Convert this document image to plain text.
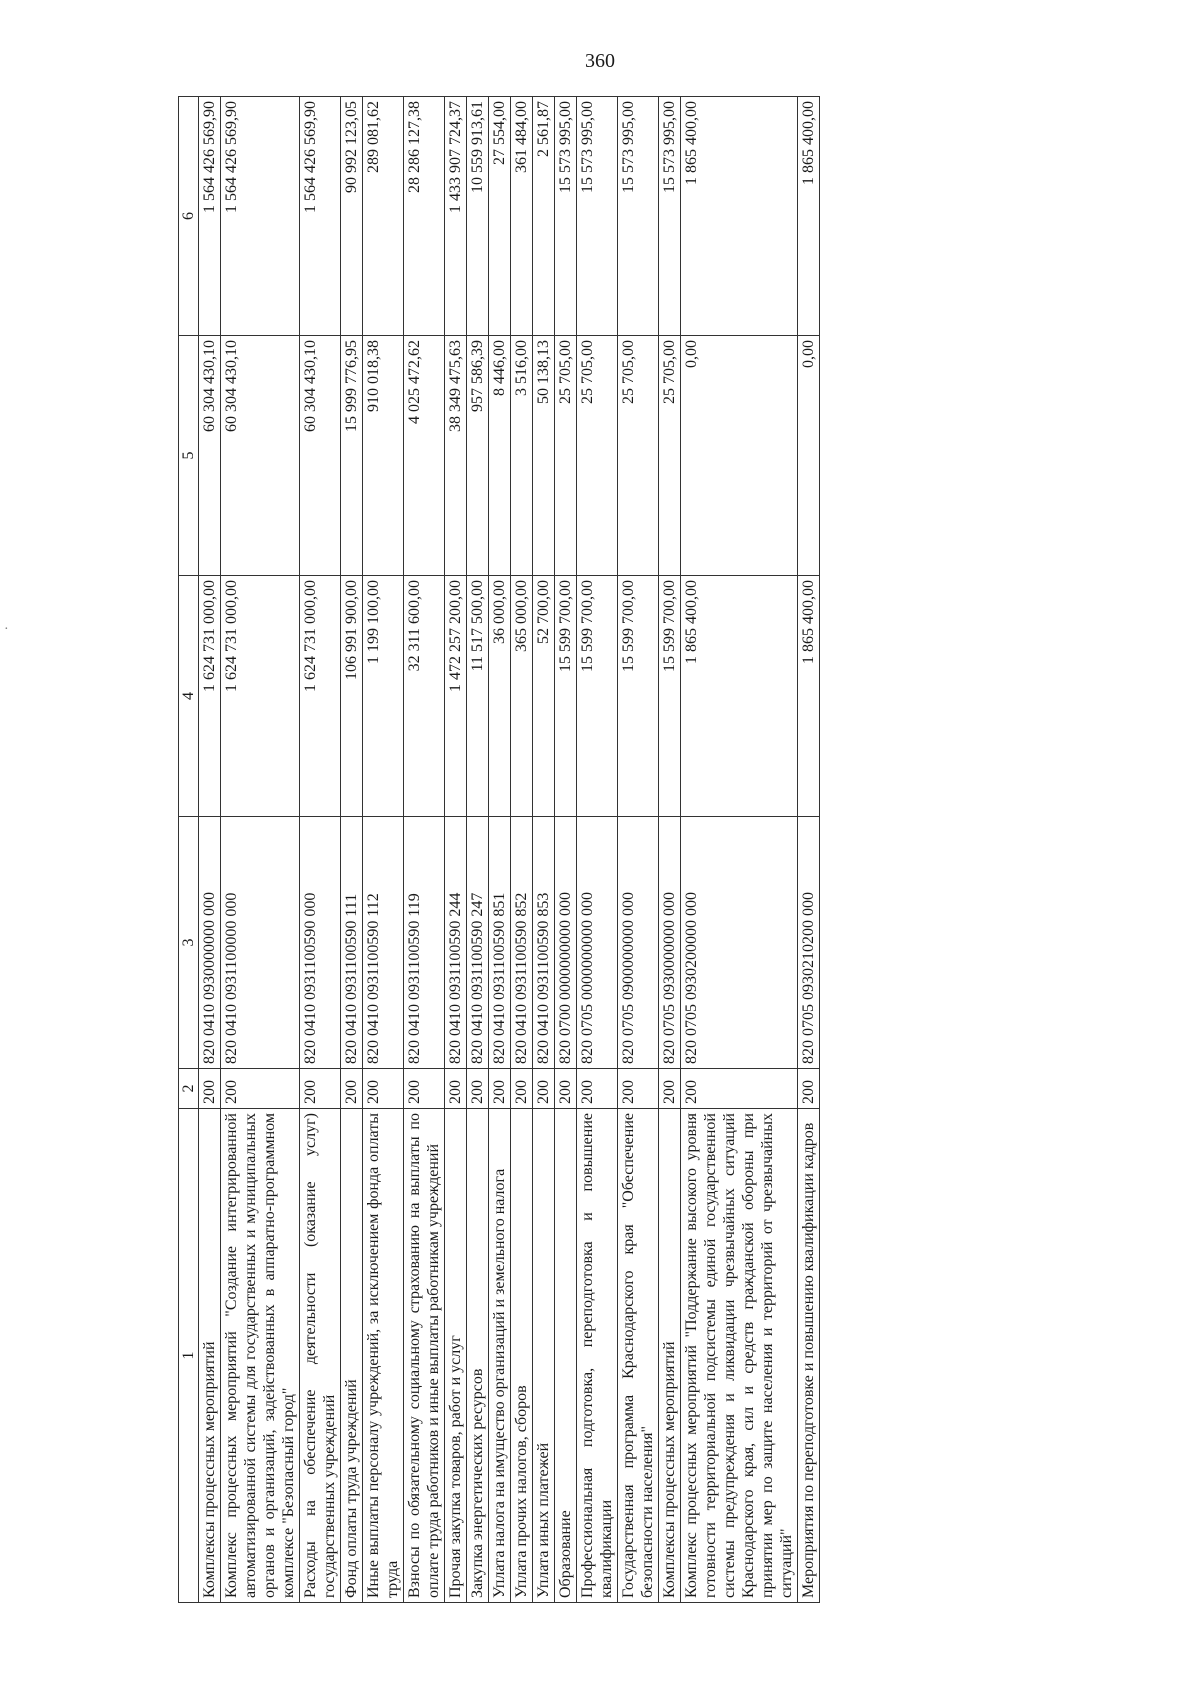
360
·
1	2	3	4	5	6
Комплексы процессных мероприятий	200	820 0410 0930000000 000	1 624 731 000,00	60 304 430,10	1 564 426 569,90
Комплекс процессных мероприятий "Создание интегрированной автоматизированной системы для государственных и муниципальных органов и организаций, задействованных в аппаратно-программном комплексе "Безопасный город"	200	820 0410 0931100000 000	1 624 731 000,00	60 304 430,10	1 564 426 569,90
Расходы на обеспечение деятельности (оказание услуг) государственных учреждений	200	820 0410 0931100590 000	1 624 731 000,00	60 304 430,10	1 564 426 569,90
Фонд оплаты труда учреждений	200	820 0410 0931100590 111	106 991 900,00	15 999 776,95	90 992 123,05
Иные выплаты персоналу учреждений, за исключением фонда оплаты труда	200	820 0410 0931100590 112	1 199 100,00	910 018,38	289 081,62
Взносы по обязательному социальному страхованию на выплаты по оплате труда работников и иные выплаты работникам учреждений	200	820 0410 0931100590 119	32 311 600,00	4 025 472,62	28 286 127,38
Прочая закупка товаров, работ и услуг	200	820 0410 0931100590 244	1 472 257 200,00	38 349 475,63	1 433 907 724,37
Закупка энергетических ресурсов	200	820 0410 0931100590 247	11 517 500,00	957 586,39	10 559 913,61
Уплата налога на имущество организаций и земельного налога	200	820 0410 0931100590 851	36 000,00	8 446,00	27 554,00
Уплата прочих налогов, сборов	200	820 0410 0931100590 852	365 000,00	3 516,00	361 484,00
Уплата иных платежей	200	820 0410 0931100590 853	52 700,00	50 138,13	2 561,87
Образование	200	820 0700 0000000000 000	15 599 700,00	25 705,00	15 573 995,00
Профессиональная подготовка, переподготовка и повышение квалификации	200	820 0705 0000000000 000	15 599 700,00	25 705,00	15 573 995,00
Государственная программа Краснодарского края "Обеспечение безопасности населения"	200	820 0705 0900000000 000	15 599 700,00	25 705,00	15 573 995,00
Комплексы процессных мероприятий	200	820 0705 0930000000 000	15 599 700,00	25 705,00	15 573 995,00
Комплекс процессных мероприятий "Поддержание высокого уровня готовности территориальной подсистемы единой государственной системы предупреждения и ликвидации чрезвычайных ситуаций Краснодарского края, сил и средств гражданской обороны при принятии мер по защите населения и территорий от чрезвычайных ситуаций"	200	820 0705 0930200000 000	1 865 400,00	0,00	1 865 400,00
Мероприятия по переподготовке и повышению квалификации кадров	200	820 0705 0930210200 000	1 865 400,00	0,00	1 865 400,00
